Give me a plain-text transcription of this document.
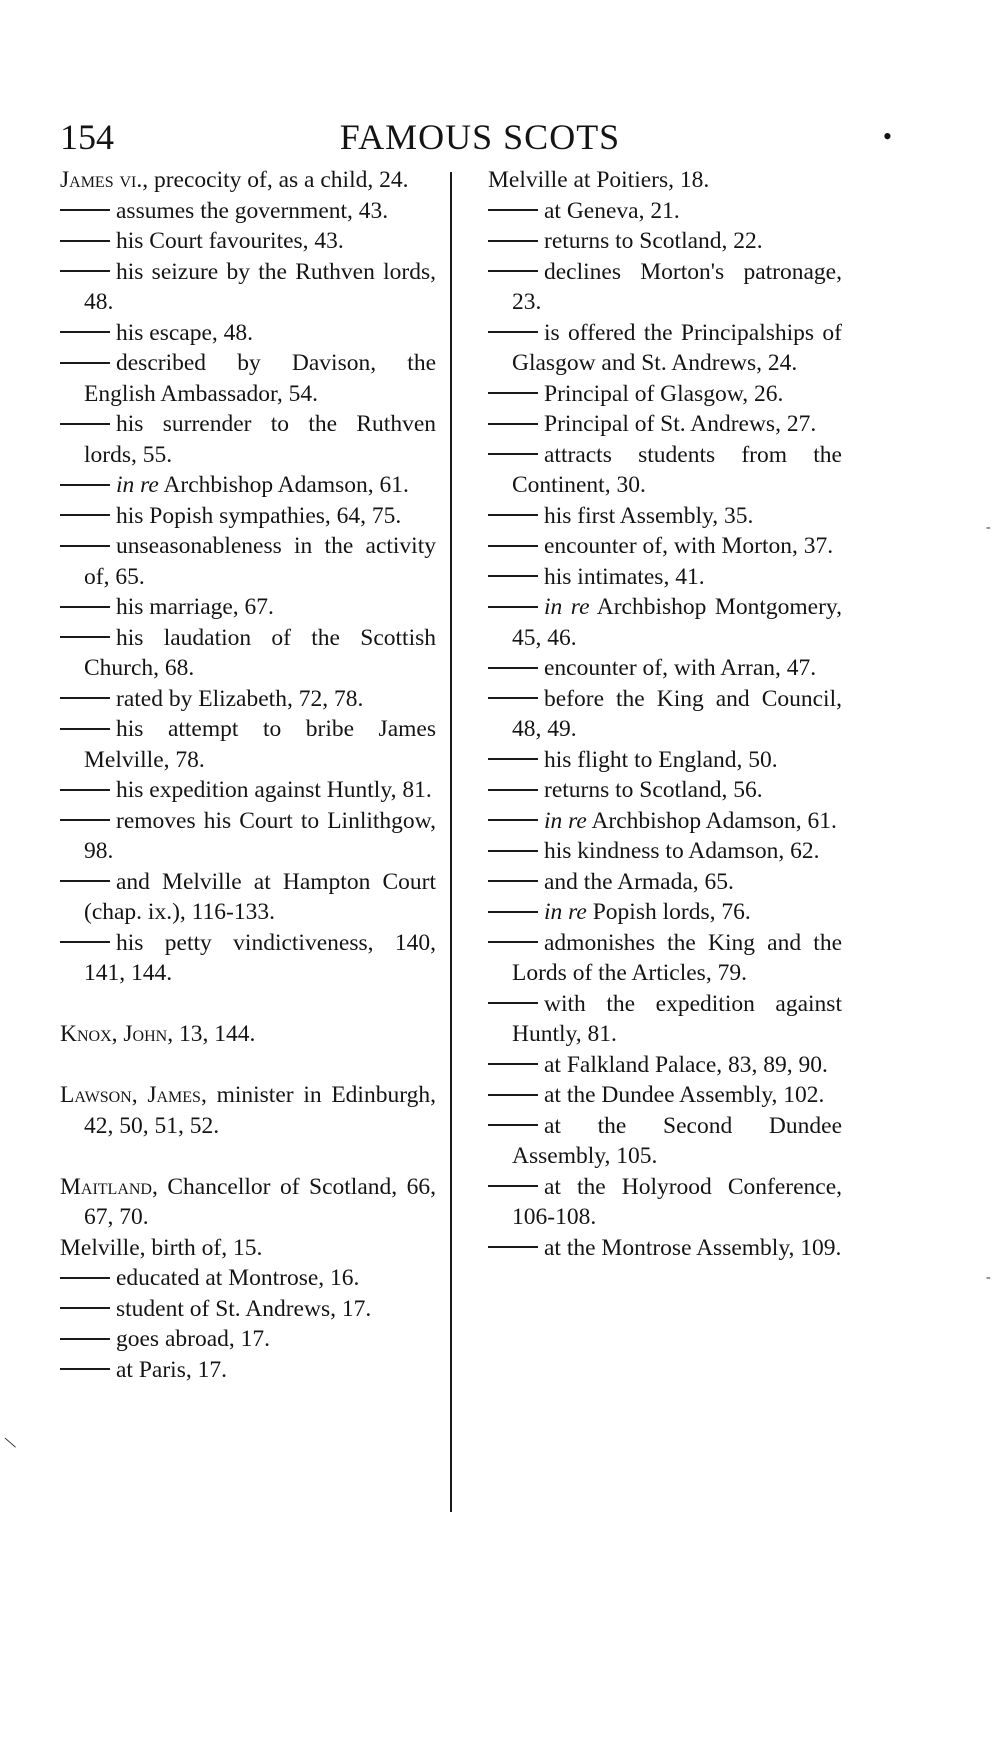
154	FAMOUS SCOTS	•

James vi., precocity of, as a child, 24.

assumes the government, 43.

his Court favourites, 43.

his seizure by the Ruthven lords, 48.

his escape, 48.

described by Davison, the English Ambassador, 54.

his surrender to the Ruthven lords, 55.

in re Archbishop Adamson, 61.

his Popish sympathies, 64, 75.

unseasonableness in the activity of, 65.

his marriage, 67.

his laudation of the Scottish Church, 68.

rated by Elizabeth, 72, 78.

his attempt to bribe James Melville, 78.

his expedition against Huntly, 81.

removes his Court to Linlithgow, 98.

and Melville at Hampton Court (chap. ix.), 116-133.

his petty vindictiveness, 140, 141, 144.

Knox, John, 13, 144.

Lawson, James, minister in Edinburgh, 42, 50, 51, 52.

Maitland, Chancellor of Scotland, 66, 67, 70.

Melville, birth of, 15.

educated at Montrose, 16.

student of St. Andrews, 17.

goes abroad, 17.

at Paris, 17.

Melville at Poitiers, 18.

at Geneva, 21.

returns to Scotland, 22.

declines Morton's patronage, 23.

is offered the Principalships of Glasgow and St. Andrews, 24.

Principal of Glasgow, 26.

Principal of St. Andrews, 27.

attracts students from the Continent, 30.

his first Assembly, 35.

encounter of, with Morton, 37.

his intimates, 41.

in re Archbishop Montgomery, 45, 46.

encounter of, with Arran, 47.

before the King and Council, 48, 49.

his flight to England, 50.

returns to Scotland, 56.

in re Archbishop Adamson, 61.

his kindness to Adamson, 62.

and the Armada, 65.

in re Popish lords, 76.

admonishes the King and the Lords of the Articles, 79.

with the expedition against Huntly, 81.

at Falkland Palace, 83, 89, 90.

at the Dundee Assembly, 102.

at the Second Dundee Assembly, 105.

at the Holyrood Conference, 106-108.

at the Montrose Assembly, 109.

\
-
-
